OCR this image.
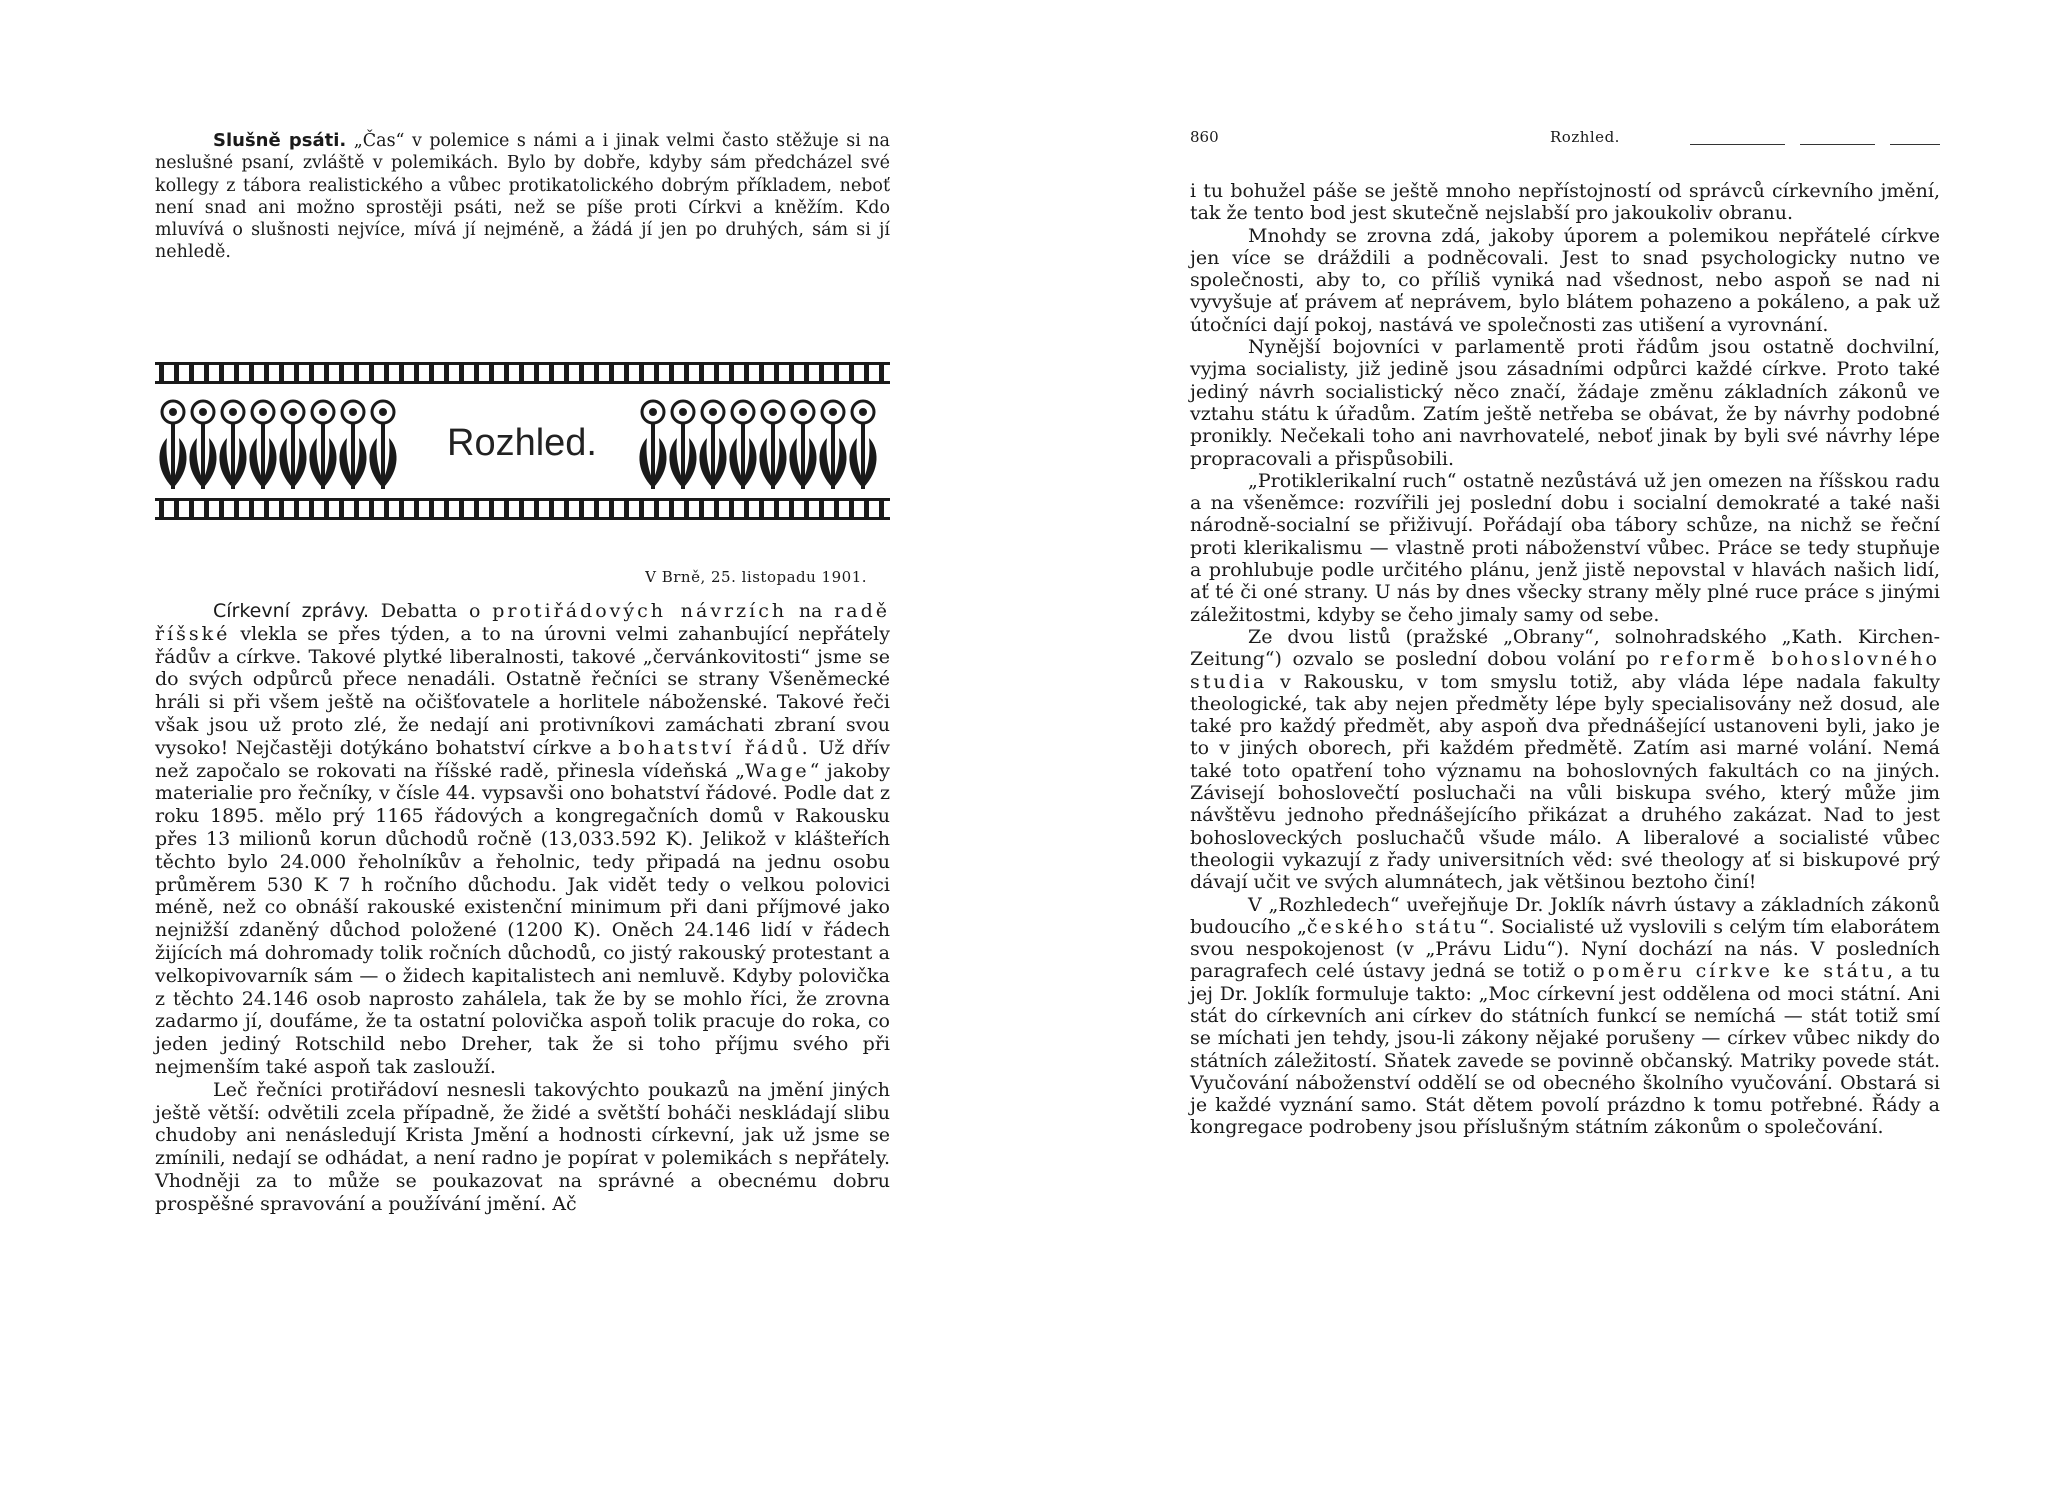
Slušně psáti. „Čas“ v polemice s námi a i jinak velmi často stěžuje si na neslušné psaní, zvláště v polemikách. Bylo by dobře, kdyby sám předcházel své kollegy z tábora realistického a vůbec protikatolického dobrým příkladem, neboť není snad ani možno sprostěji psáti, než se píše proti Církvi a kněžím. Kdo mluvívá o slušnosti nejvíce, mívá jí nejméně, a žádá jí jen po druhých, sám si jí nehledě.

Rozhled.
V Brně, 25. listopadu 1901.

Církevní zprávy. Debatta o protiřádových návrzích na radě říšské vlekla se přes týden, a to na úrovni velmi zahanbující nepřátely řádův a církve. Takové plytké liberalnosti, takové „červánkovitosti“ jsme se do svých odpůrců přece nenadáli. Ostatně řečníci se strany Všeněmecké hráli si při všem ještě na očišťovatele a horlitele náboženské. Takové řeči však jsou už proto zlé, že nedají ani protivníkovi zamáchati zbraní svou vysoko! Nejčastěji dotýkáno bohatství církve a bohatství řádů. Už dřív než započalo se rokovati na říšské radě, přinesla vídeňská „Wage“ jakoby materialie pro řečníky, v čísle 44. vypsavši ono bohatství řádové. Podle dat z roku 1895. mělo prý 1165 řádových a kongregačních domů v Rakousku přes 13 milionů korun důchodů ročně (13,033.592 K). Jelikož v klášteřích těchto bylo 24.000 řeholníkův a řeholnic, tedy připadá na jednu osobu průměrem 530 K 7 h ročního důchodu. Jak vidět tedy o velkou polovici méně, než co obnáší rakouské existenční minimum při dani příjmové jako nejnižší zdaněný důchod položené (1200 K). Oněch 24.146 lidí v řádech žijících má dohromady tolik ročních důchodů, co jistý rakouský protestant a velkopivovarník sám — o židech kapitalistech ani nemluvě. Kdyby polovička z těchto 24.146 osob naprosto zahálela, tak že by se mohlo říci, že zrovna zadarmo jí, doufáme, že ta ostatní polovička aspoň tolik pracuje do roka, co jeden jediný Rotschild nebo Dreher, tak že si toho příjmu svého při nejmenším také aspoň tak zaslouží.

Leč řečníci protiřádoví nesnesli takovýchto poukazů na jmění jiných ještě větší: odvětili zcela případně, že židé a světští boháči neskládají slibu chudoby ani nenásledují Krista Jmění a hodnosti církevní, jak už jsme se zmínili, nedají se odhádat, a není radno je popírat v polemikách s nepřátely. Vhodněji za to může se poukazovat na správné a obecnému dobru prospěšné spravování a používání jmění. Ač

860	Rozhled.

i tu bohužel páše se ještě mnoho nepřístojností od správců církevního jmění, tak že tento bod jest skutečně nejslabší pro jakoukoliv obranu.

Mnohdy se zrovna zdá, jakoby úporem a polemikou nepřátelé církve jen více se dráždili a podněcovali. Jest to snad psychologicky nutno ve společnosti, aby to, co příliš vyniká nad všednost, nebo aspoň se nad ni vyvyšuje ať právem ať neprávem, bylo blátem pohazeno a pokáleno, a pak už útočníci dají pokoj, nastává ve společnosti zas utišení a vyrovnání.

Nynější bojovníci v parlamentě proti řádům jsou ostatně dochvilní, vyjma socialisty, již jedině jsou zásadními odpůrci každé církve. Proto také jediný návrh socialistický něco značí, žádaje změnu základních zákonů ve vztahu státu k úřadům. Zatím ještě netřeba se obávat, že by návrhy podobné pronikly. Nečekali toho ani navrhovatelé, neboť jinak by byli své návrhy lépe propracovali a přispůsobili.

„Protiklerikalní ruch“ ostatně nezůstává už jen omezen na říšskou radu a na všeněmce: rozvířili jej poslední dobu i socialní demokraté a také naši národně-socialní se přiživují. Pořádají oba tábory schůze, na nichž se řeční proti klerikalismu — vlastně proti náboženství vůbec. Práce se tedy stupňuje a prohlubuje podle určitého plánu, jenž jistě nepovstal v hlavách našich lidí, ať té či oné strany. U nás by dnes všecky strany měly plné ruce práce s jinými záležitostmi, kdyby se čeho jimaly samy od sebe.

Ze dvou listů (pražské „Obrany“, solnohradského „Kath. Kirchen-Zeitung“) ozvalo se poslední dobou volání po reformě bohoslovného studia v Rakousku, v tom smyslu totiž, aby vláda lépe nadala fakulty theologické, tak aby nejen předměty lépe byly specialisovány než dosud, ale také pro každý předmět, aby aspoň dva přednášející ustanoveni byli, jako je to v jiných oborech, při každém předmětě. Zatím asi marné volání. Nemá také toto opatření toho významu na bohoslovných fakultách co na jiných. Závisejí bohoslovečtí posluchači na vůli biskupa svého, který může jim návštěvu jednoho přednášejícího přikázat a druhého zakázat. Nad to jest bohosloveckých posluchačů všude málo. A liberalové a socialisté vůbec theologii vykazují z řady universitních věd: své theology ať si biskupové prý dávají učit ve svých alumnátech, jak většinou beztoho činí!

V „Rozhledech“ uveřejňuje Dr. Joklík návrh ústavy a základních zákonů budoucího „českého státu“. Socialisté už vyslovili s celým tím elaborátem svou nespokojenost (v „Právu Lidu“). Nyní dochází na nás. V posledních paragrafech celé ústavy jedná se totiž o poměru církve ke státu, a tu jej Dr. Joklík formuluje takto: „Moc církevní jest oddělena od moci státní. Ani stát do církevních ani církev do státních funkcí se nemíchá — stát totiž smí se míchati jen tehdy, jsou-li zákony nějaké porušeny — církev vůbec nikdy do státních záležitostí. Sňatek zavede se povinně občanský. Matriky povede stát. Vyučování náboženství oddělí se od obecného školního vyučování. Obstará si je každé vyznání samo. Stát dětem povolí prázdno k tomu potřebné. Řády a kongregace podrobeny jsou příslušným státním zákonům o společování.
